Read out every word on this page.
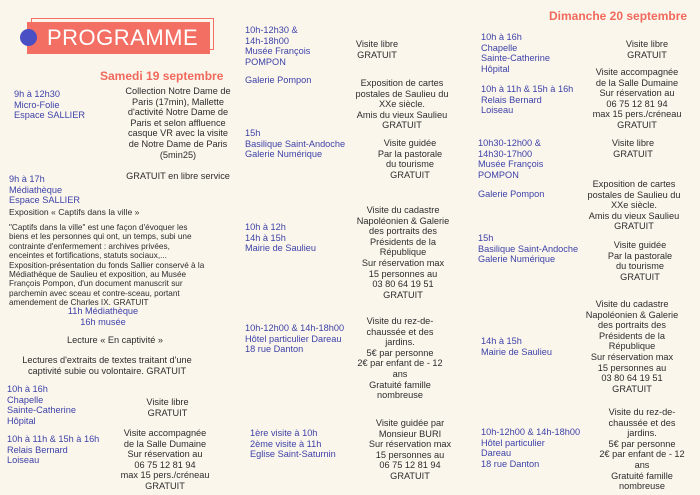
PROGRAMME
Samedi 19 septembre
Dimanche 20 septembre
9h à 12h30
Micro-Folie
Espace SALLIER
Collection Notre Dame de
Paris (17min), Mallette
d'activité Notre Dame de
Paris et selon affluence
casque VR avec la visite
de Notre Dame de Paris
(5min25)
GRATUIT en libre service
9h à 17h
Médiathèque
Espace SALLIER
Exposition « Captifs dans la ville »
"Captifs dans la ville" est une façon d'évoquer les
biens et les personnes qui ont, un temps, subi une
contrainte d'enfermement : archives privées,
enceintes et fortifications, statuts sociaux,...
Exposition-présentation du fonds Sallier conservé à la
Médiathèque de Saulieu et exposition, au Musée
François Pompon, d'un document manuscrit sur
parchemin avec sceau et contre-sceau, portant
amendement de Charles IX. GRATUIT
11h Médiathèque
16h musée
Lecture « En captivité »
Lectures d'extraits de textes traitant d'une
captivité subie ou volontaire. GRATUIT
10h à 16h
Chapelle
Sainte-Catherine
Hôpital
Visite libre
GRATUIT
10h à 11h & 15h à 16h
Relais Bernard
Loiseau
Visite accompagnée
de la Salle Dumaine
Sur réservation au
06 75 12 81 94
max 15 pers./créneau
GRATUIT
10h-12h30 &
14h-18h00
Musée François
POMPON
Visite libre
GRATUIT
Galerie Pompon	Exposition de cartes
postales de Saulieu du
XXe siècle.
Amis du vieux Saulieu
GRATUIT
15h
Basilique Saint-Andoche
Galerie Numérique
Visite guidée
Par la pastorale
du tourisme
GRATUIT
10h à 12h
14h à 15h
Mairie de Saulieu
Visite du cadastre
Napoléonien & Galerie
des portraits des
Présidents de la
République
Sur réservation max
15 personnes au
03 80 64 19 51
GRATUIT
10h-12h00 & 14h-18h00
Hôtel particulier Dareau
18 rue Danton
Visite du rez-de-
chaussée et des
jardins.
5€ par personne
2€ par enfant de - 12
ans
Gratuité famille
nombreuse
1ère visite à 10h
2ème visite à 11h
Eglise Saint-Saturnin
Visite guidée par
Monsieur BURI
Sur réservation max
15 personnes au
06 75 12 81 94
GRATUIT
10h à 16h
Chapelle
Sainte-Catherine
Hôpital
Visite libre
GRATUIT
10h à 11h & 15h à 16h
Relais Bernard
Loiseau
Visite accompagnée
de la Salle Dumaine
Sur réservation au
06 75 12 81 94
max 15 pers./créneau
GRATUIT
10h30-12h00 &
14h30-17h00
Musée François
POMPON
Visite libre
GRATUIT
Galerie Pompon
Exposition de cartes
postales de Saulieu du
XXe siècle.
Amis du vieux Saulieu
GRATUIT
15h
Basilique Saint-Andoche
Galerie Numérique
Visite guidée
Par la pastorale
du tourisme
GRATUIT
14h à 15h
Mairie de Saulieu
Visite du cadastre
Napoléonien & Galerie
des portraits des
Présidents de la
République
Sur réservation max
15 personnes au
03 80 64 19 51
GRATUIT
10h-12h00 & 14h-18h00
Hôtel particulier
Dareau
18 rue Danton
Visite du rez-de-
chaussée et des
jardins.
5€ par personne
2€ par enfant de - 12
ans
Gratuité famille
nombreuse
